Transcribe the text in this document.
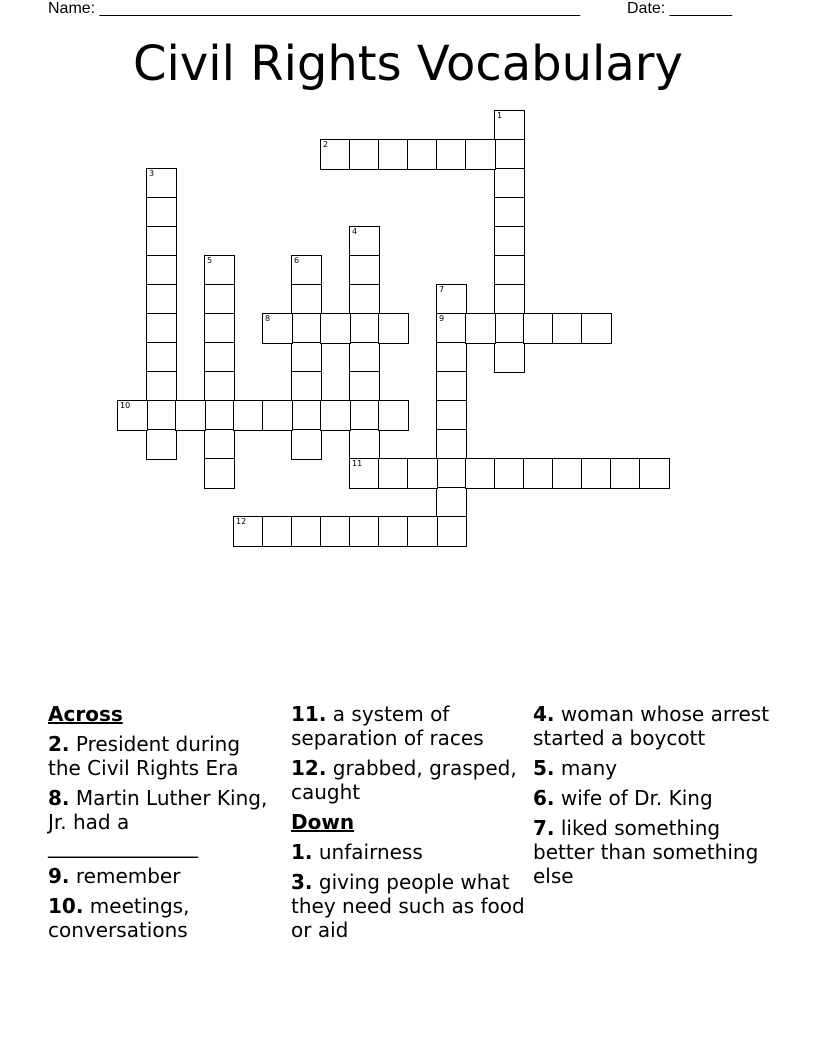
Name: ______________________________________________________	Date: _______
Civil Rights Vocabulary
1
2
3
4
11
5	6
7
9
8
10
12
Across
2. President during the Civil Rights Era
8. Martin Luther King, Jr. had a _______________
9. remember
10. meetings, conversations
11. a system of separation of races
12. grabbed, grasped, caught
Down
1. unfairness
3. giving people what they need such as food or aid
4. woman whose arrest started a boycott
5. many
6. wife of Dr. King
7. liked something better than something else
